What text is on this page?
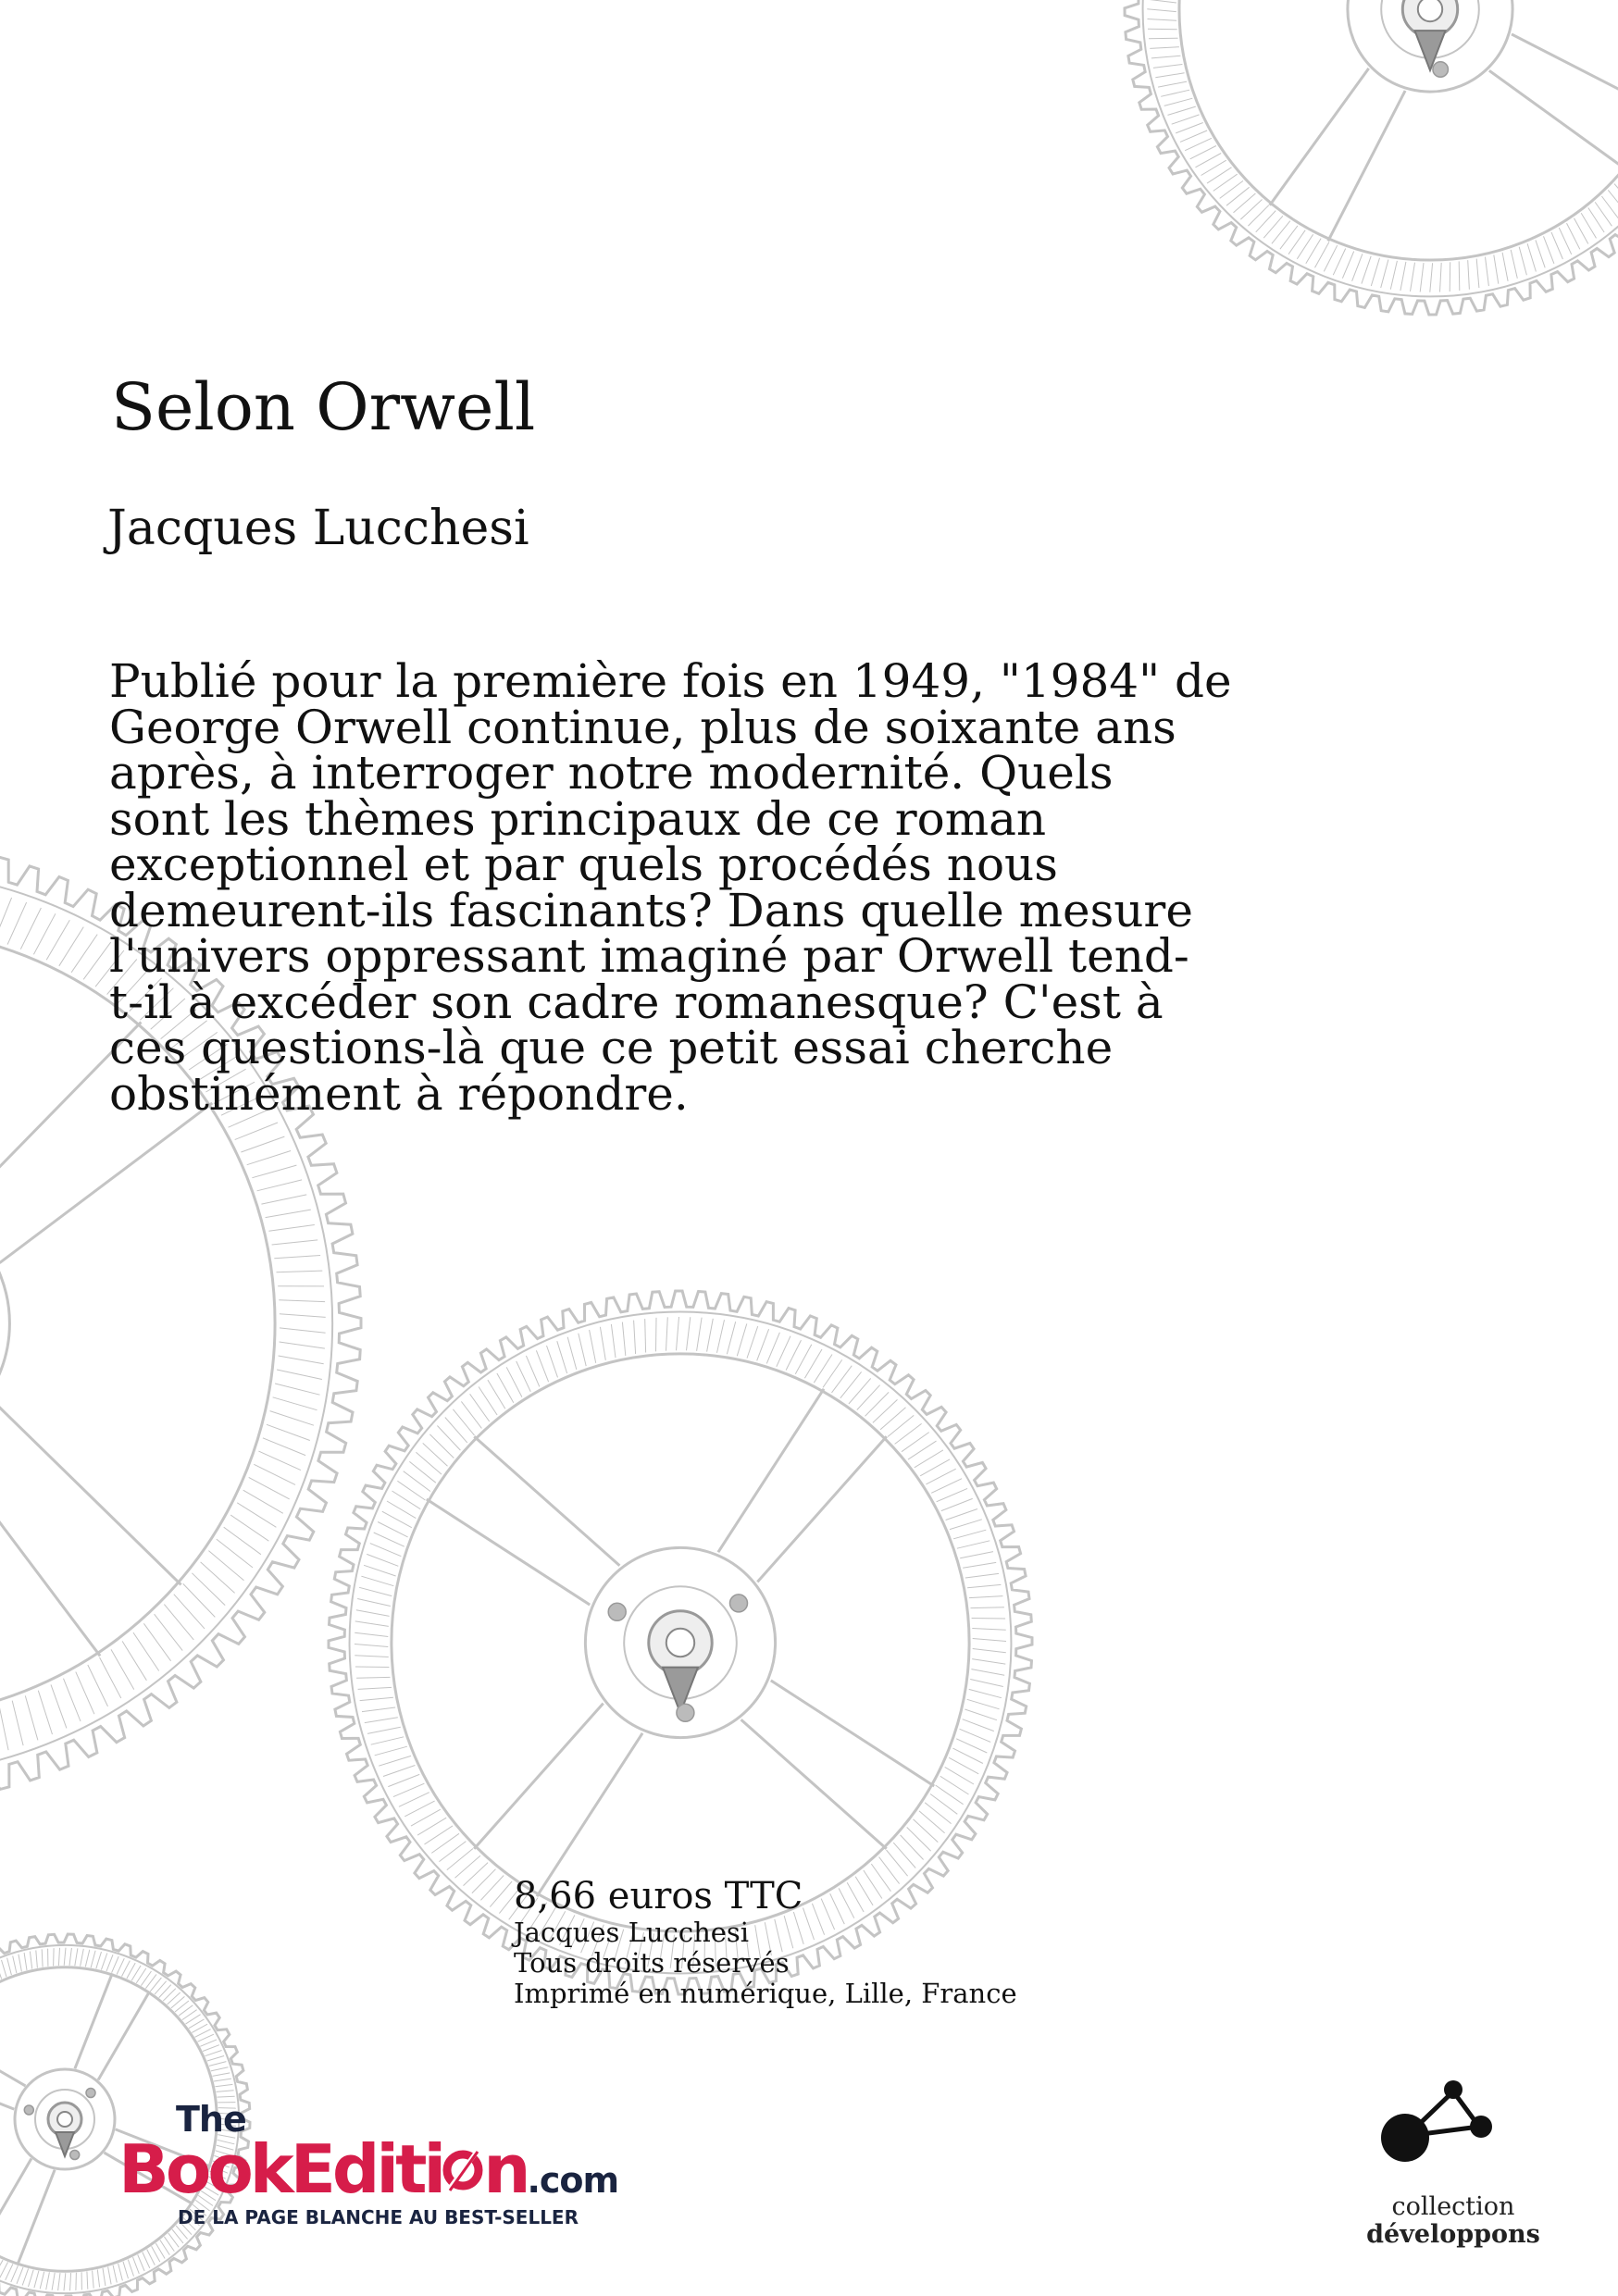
Selon Orwell
Jacques Lucchesi
Publié pour la première fois en 1949, "1984" de
George Orwell continue, plus de soixante ans
après, à interroger notre modernité. Quels
sont les thèmes principaux de ce roman
exceptionnel et par quels procédés nous
demeurent-ils fascinants? Dans quelle mesure
l'univers oppressant imaginé par Orwell tend-
t-il à excéder son cadre romanesque? C'est à
ces questions-là que ce petit essai cherche
obstinément à répondre.
8,66 euros TTC
Jacques Lucchesi
Tous droits réservés
Imprimé en numérique, Lille, France
The
BookEditi n.com
DE LA PAGE BLANCHE AU BEST-SELLER	collection
développons
